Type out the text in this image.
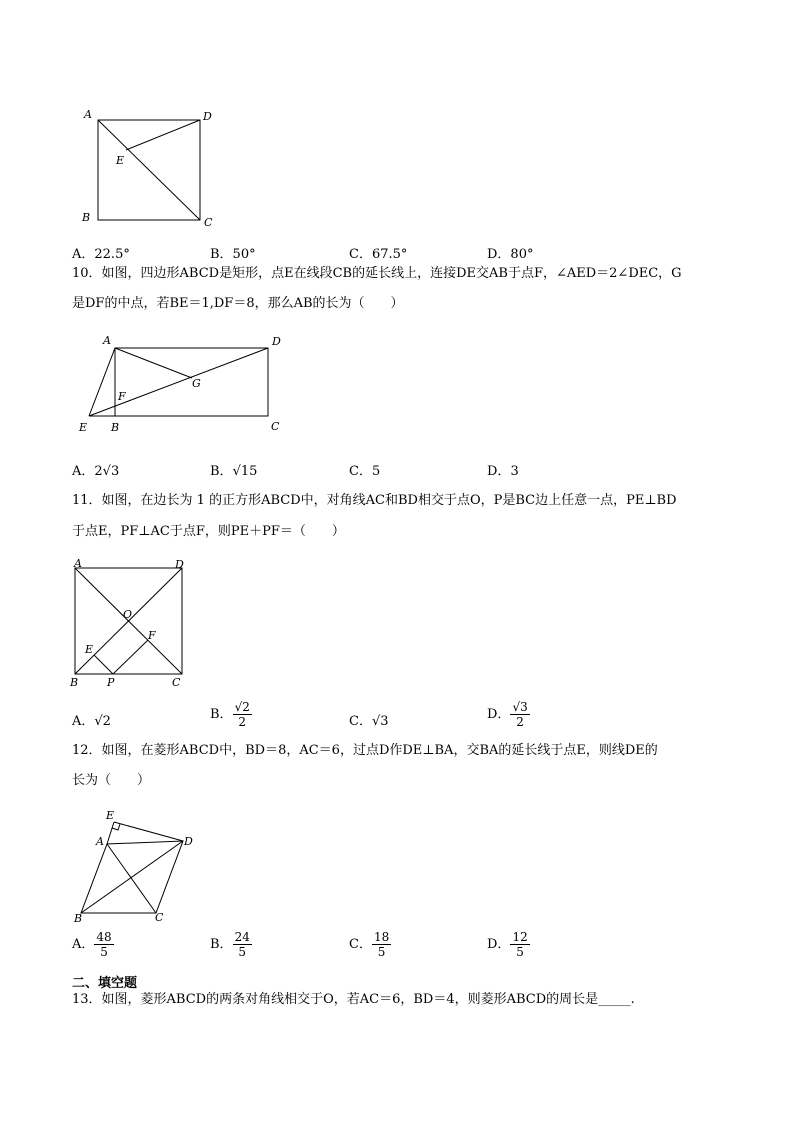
A	D
E
B	C
A．22.5°	B．50°	C．67.5°	D．80°
10．如图，四边形ABCD是矩形，点E在线段CB的延长线上，连接DE交AB于点F，∠AED＝2∠DEC，G
是DF的中点，若BE＝1,DF＝8，那么AB的长为（　　）
A	D
G
F
E B	C
A．2√3	B．√15	C．5	D．3
11．如图，在边长为 1 的正方形ABCD中，对角线AC和BD相交于点O，P是BC边上任意一点，PE⊥BD
于点E，PF⊥AC于点F，则PE＋PF＝（　　）
A	D
O
F
E
B	P	C
A．√2	B． $\frac{√2}{2}$	C．√3	D． $\frac{√3}{2}$
12．如图，在菱形ABCD中，BD＝8，AC＝6，过点D作DE⊥BA，交BA的延长线于点E，则线DE的
长为（　　）
E
A	D
B	C
A． $\frac{48}{5}$	B． $\frac{24}{5}$	C． $\frac{18}{5}$	D． $\frac{12}{5}$
二、填空题
13．如图，菱形ABCD的两条对角线相交于O，若AC＝6，BD＝4，则菱形ABCD的周长是_____.
